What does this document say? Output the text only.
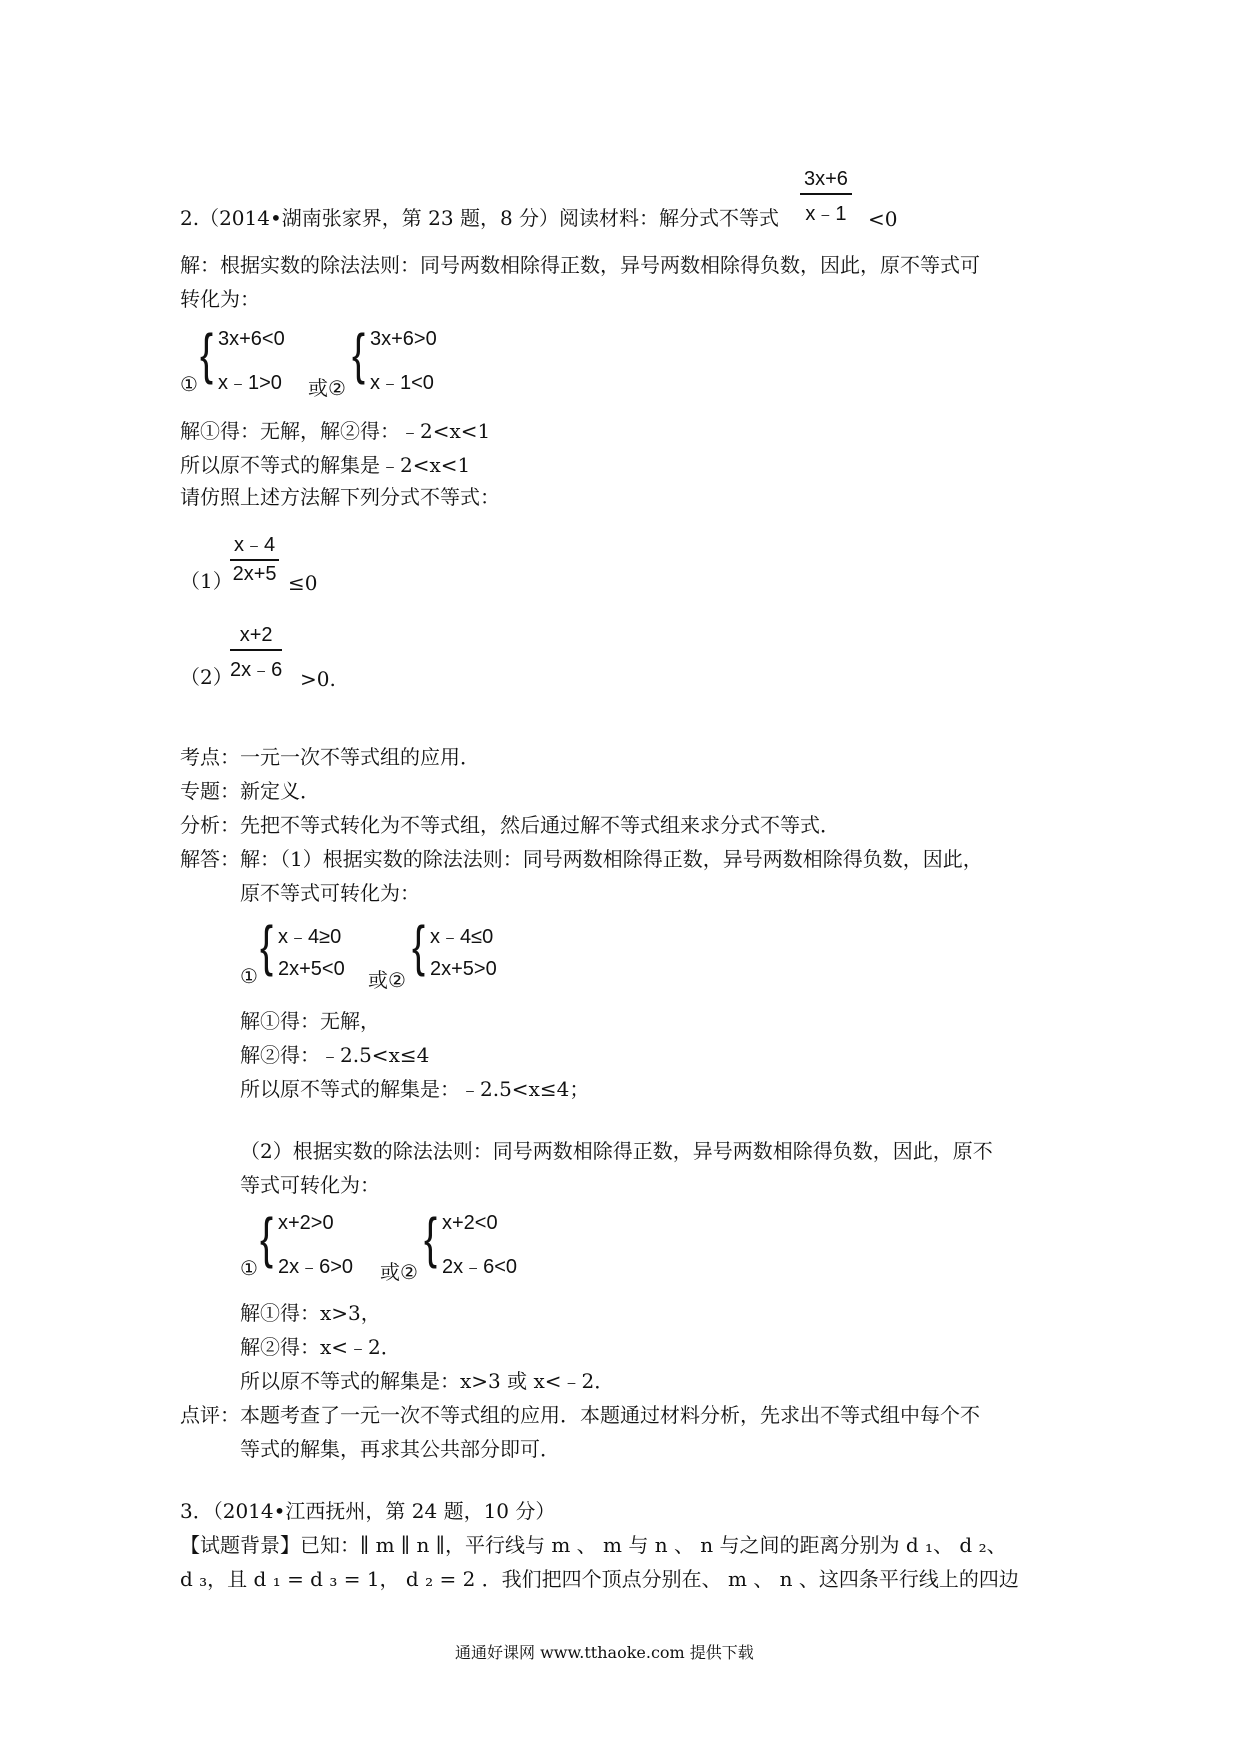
2.（2014•湖南张家界，第 23 题，8 分）阅读材料：解分式不等式 $\frac{3x+6}{x﹣1} <0$
解：根据实数的除法法则：同号两数相除得正数，异号两数相除得负数，因此，原不等式可
转化为：
① { 3x+6<0
x﹣1>0 或②
{ 3x+6>0
x﹣1<0
解①得：无解，解②得：﹣2<x<1
所以原不等式的解集是﹣2<x<1
请仿照上述方法解下列分式不等式：
（1）
$\frac{x﹣4}{2x+5} \le 0$
（2）
$\frac{x+2}{2x﹣6} >0$.
考点：一元一次不等式组的应用．
专题：新定义．
分析：先把不等式转化为不等式组，然后通过解不等式组来求分式不等式．
解答：解：（1）根据实数的除法法则：同号两数相除得正数，异号两数相除得负数，因此，
原不等式可转化为：
① { x﹣4≥0
2x+5<0
或②
{ x﹣4≤0
2x+5>0
解①得：无解，
解②得：﹣2.5<x≤4
所以原不等式的解集是：﹣2.5<x≤4；
（2）根据实数的除法法则：同号两数相除得正数，异号两数相除得负数，因此，原不
等式可转化为：
① { x+2>0
2x﹣6>0 或②
{ x+2<0
2x﹣6<0
解①得：x>3，
解②得：x<﹣2．
所以原不等式的解集是：x>3 或 x<﹣2．
点评：本题考查了一元一次不等式组的应用．本题通过材料分析，先求出不等式组中每个不
等式的解集，再求其公共部分即可．
3．（2014•江西抚州，第 24 题，10 分）
【试题背景】已知：∥ m ∥ n ∥，平行线与 m 、 m 与 n 、 n 与之间的距离分别为 d ₁、 d ₂、
d ₃，且 d ₁ = d ₃ = 1， d ₂ = 2 ．我们把四个顶点分别在、 m 、 n 、这四条平行线上的四边
通通好课网 www.tthaoke.com 提供下载
